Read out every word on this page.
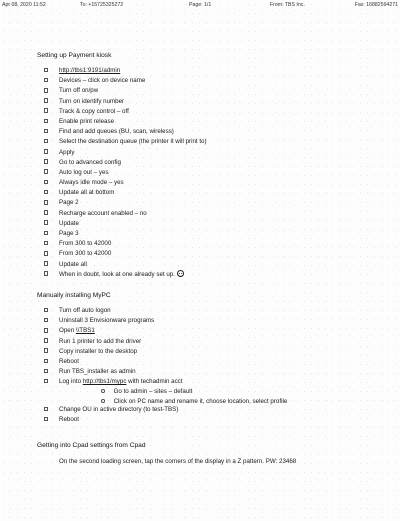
Apr 08, 2020 11:52	To: +15725325272	Page: 1/1	From: TBS Inc.	Fax: 16882594271
Setting up Payment kiosk
http://tbs1:9191/admin
Devices – click on device name
Turn off on/pw
Turn on identify number
Track & copy control – off
Enable print release
Find and add queues (BU, scan, wireless)
Select the destination queue (the printer it will print to)
Apply
Go to advanced config
Auto log out – yes
Always idle mode – yes
Update all at bottom
Page 2
Recharge account enabled – no
Update
Page 3
From 300 to 42000
From 300 to 42000
Update all
When in doubt, look at one already set up.
Manually installing MyPC
Turn off auto logon
Uninstall 3 Envisionware programs
Open \\TBS1
Run 1 printer to add the driver
Copy installer to the desktop
Reboot
Run TBS_installer as admin
Log into http://tbs1/mypc with techadmin acct
Go to admin – sites – default
Click on PC name and rename it, choose location, select profile
Change OU in active directory (to test-TBS)
Reboot
Getting into Cpad settings from Cpad
On the second loading screen, tap the corners of the display in a Z pattern. PW: 23468
